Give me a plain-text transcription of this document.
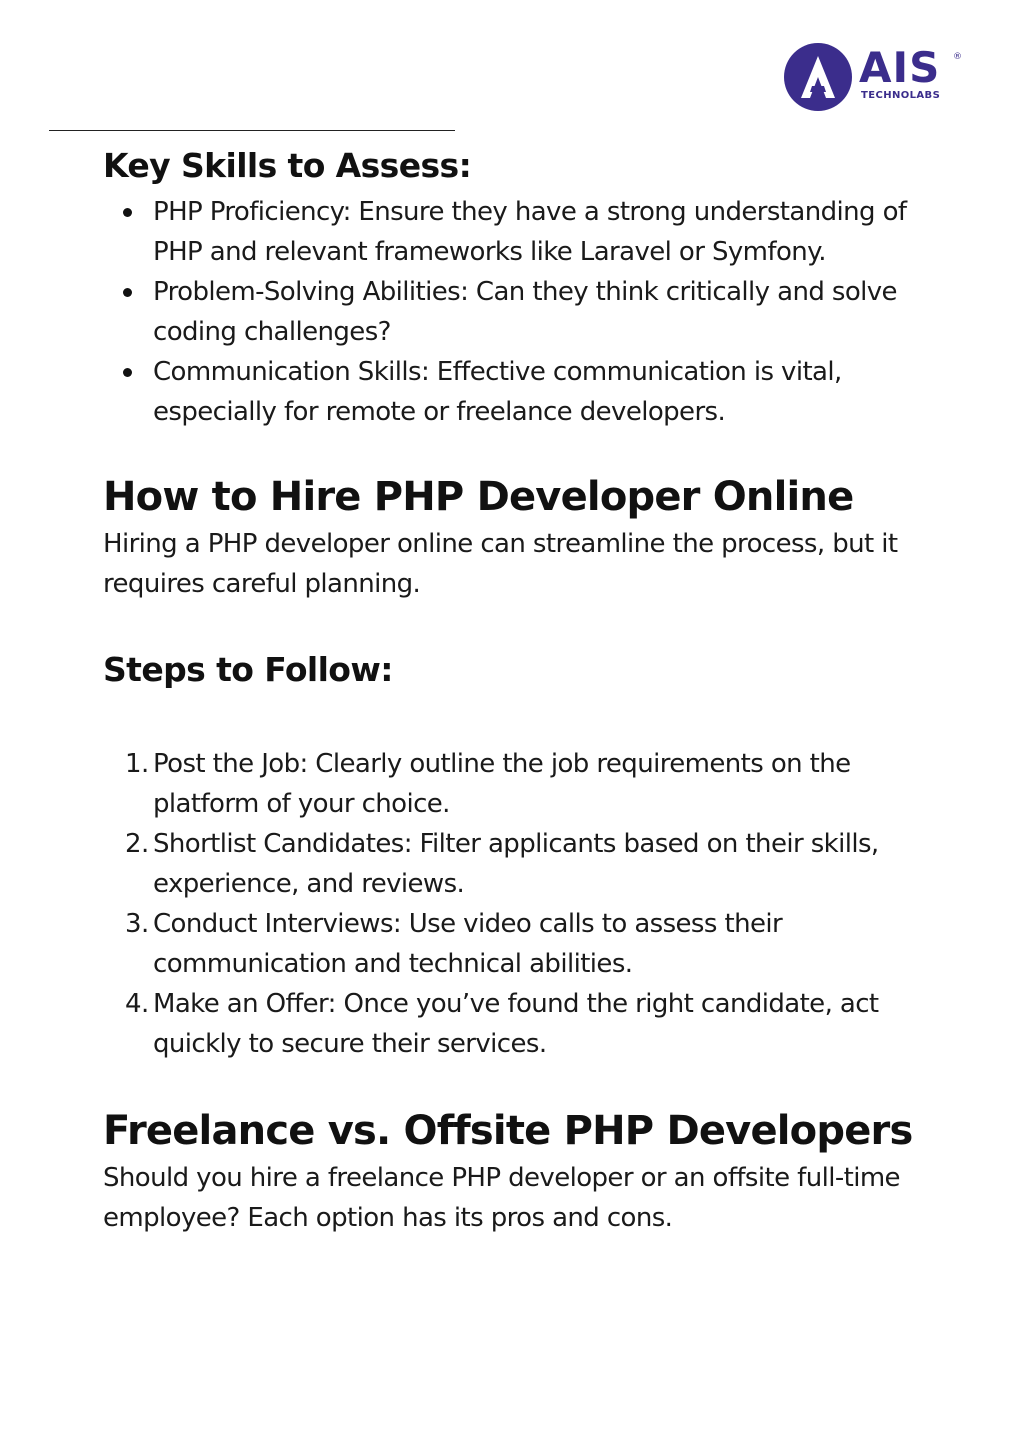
AIS ®
TECHNOLABS
Key Skills to Assess:
PHP Proficiency: Ensure they have a strong understanding of PHP and relevant frameworks like Laravel or Symfony.
Problem-Solving Abilities: Can they think critically and solve coding challenges?
Communication Skills: Effective communication is vital, especially for remote or freelance developers.
How to Hire PHP Developer Online

Hiring a PHP developer online can streamline the process, but it requires careful planning.

Steps to Follow:
1. Post the Job: Clearly outline the job requirements on the platform of your choice.
2. Shortlist Candidates: Filter applicants based on their skills, experience, and reviews.
3. Conduct Interviews: Use video calls to assess their communication and technical abilities.
4. Make an Offer: Once you’ve found the right candidate, act quickly to secure their services.
Freelance vs. Offsite PHP Developers

Should you hire a freelance PHP developer or an offsite full-time employee? Each option has its pros and cons.
